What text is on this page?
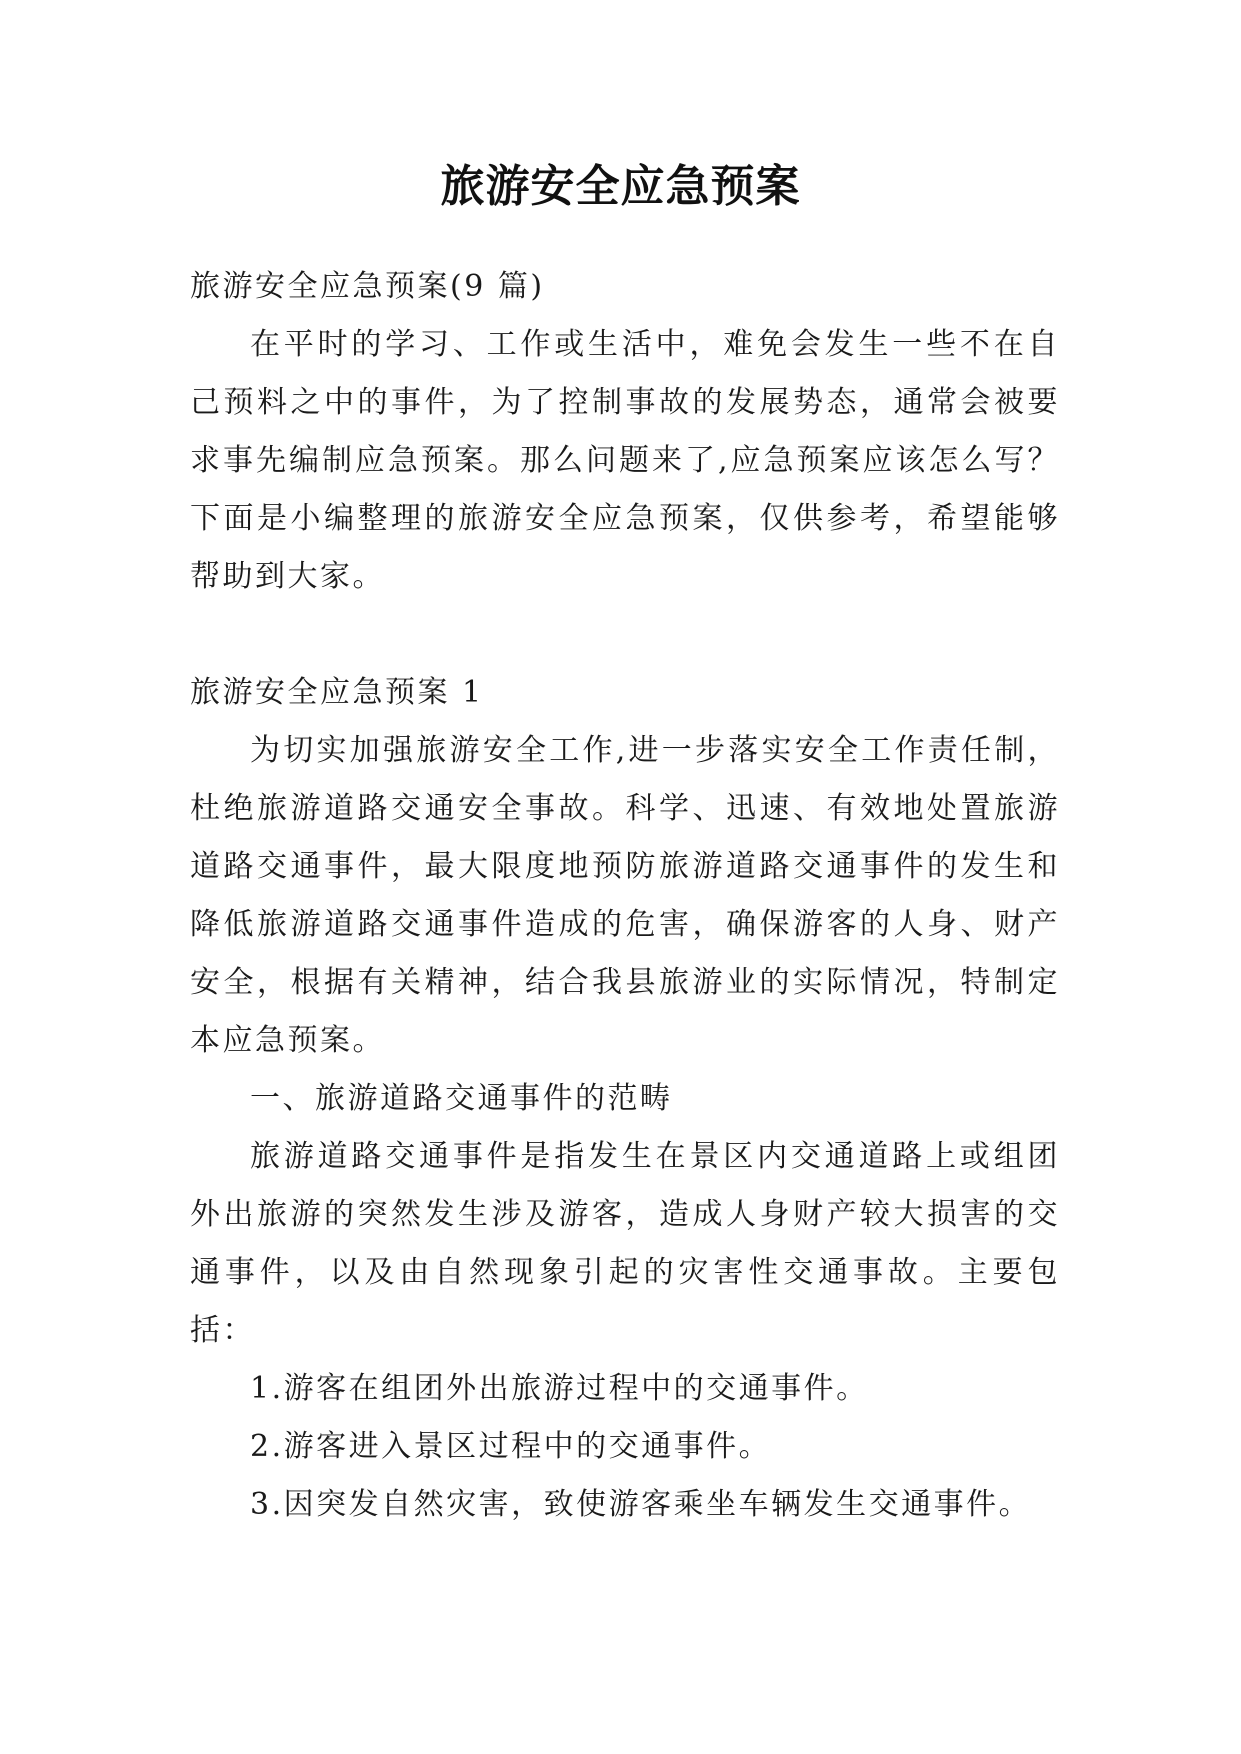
旅游安全应急预案

旅游安全应急预案(9 篇)

在平时的学习、工作或生活中，难免会发生一些不在自己预料之中的事件，为了控制事故的发展势态，通常会被要求事先编制应急预案。那么问题来了,应急预案应该怎么写？下面是小编整理的旅游安全应急预案，仅供参考，希望能够帮助到大家。

旅游安全应急预案 1

为切实加强旅游安全工作,进一步落实安全工作责任制，杜绝旅游道路交通安全事故。科学、迅速、有效地处置旅游道路交通事件，最大限度地预防旅游道路交通事件的发生和降低旅游道路交通事件造成的危害，确保游客的人身、财产安全，根据有关精神，结合我县旅游业的实际情况，特制定本应急预案。

一、旅游道路交通事件的范畴

旅游道路交通事件是指发生在景区内交通道路上或组团外出旅游的突然发生涉及游客，造成人身财产较大损害的交通事件，以及由自然现象引起的灾害性交通事故。主要包括：

1.游客在组团外出旅游过程中的交通事件。

2.游客进入景区过程中的交通事件。

3.因突发自然灾害，致使游客乘坐车辆发生交通事件。
